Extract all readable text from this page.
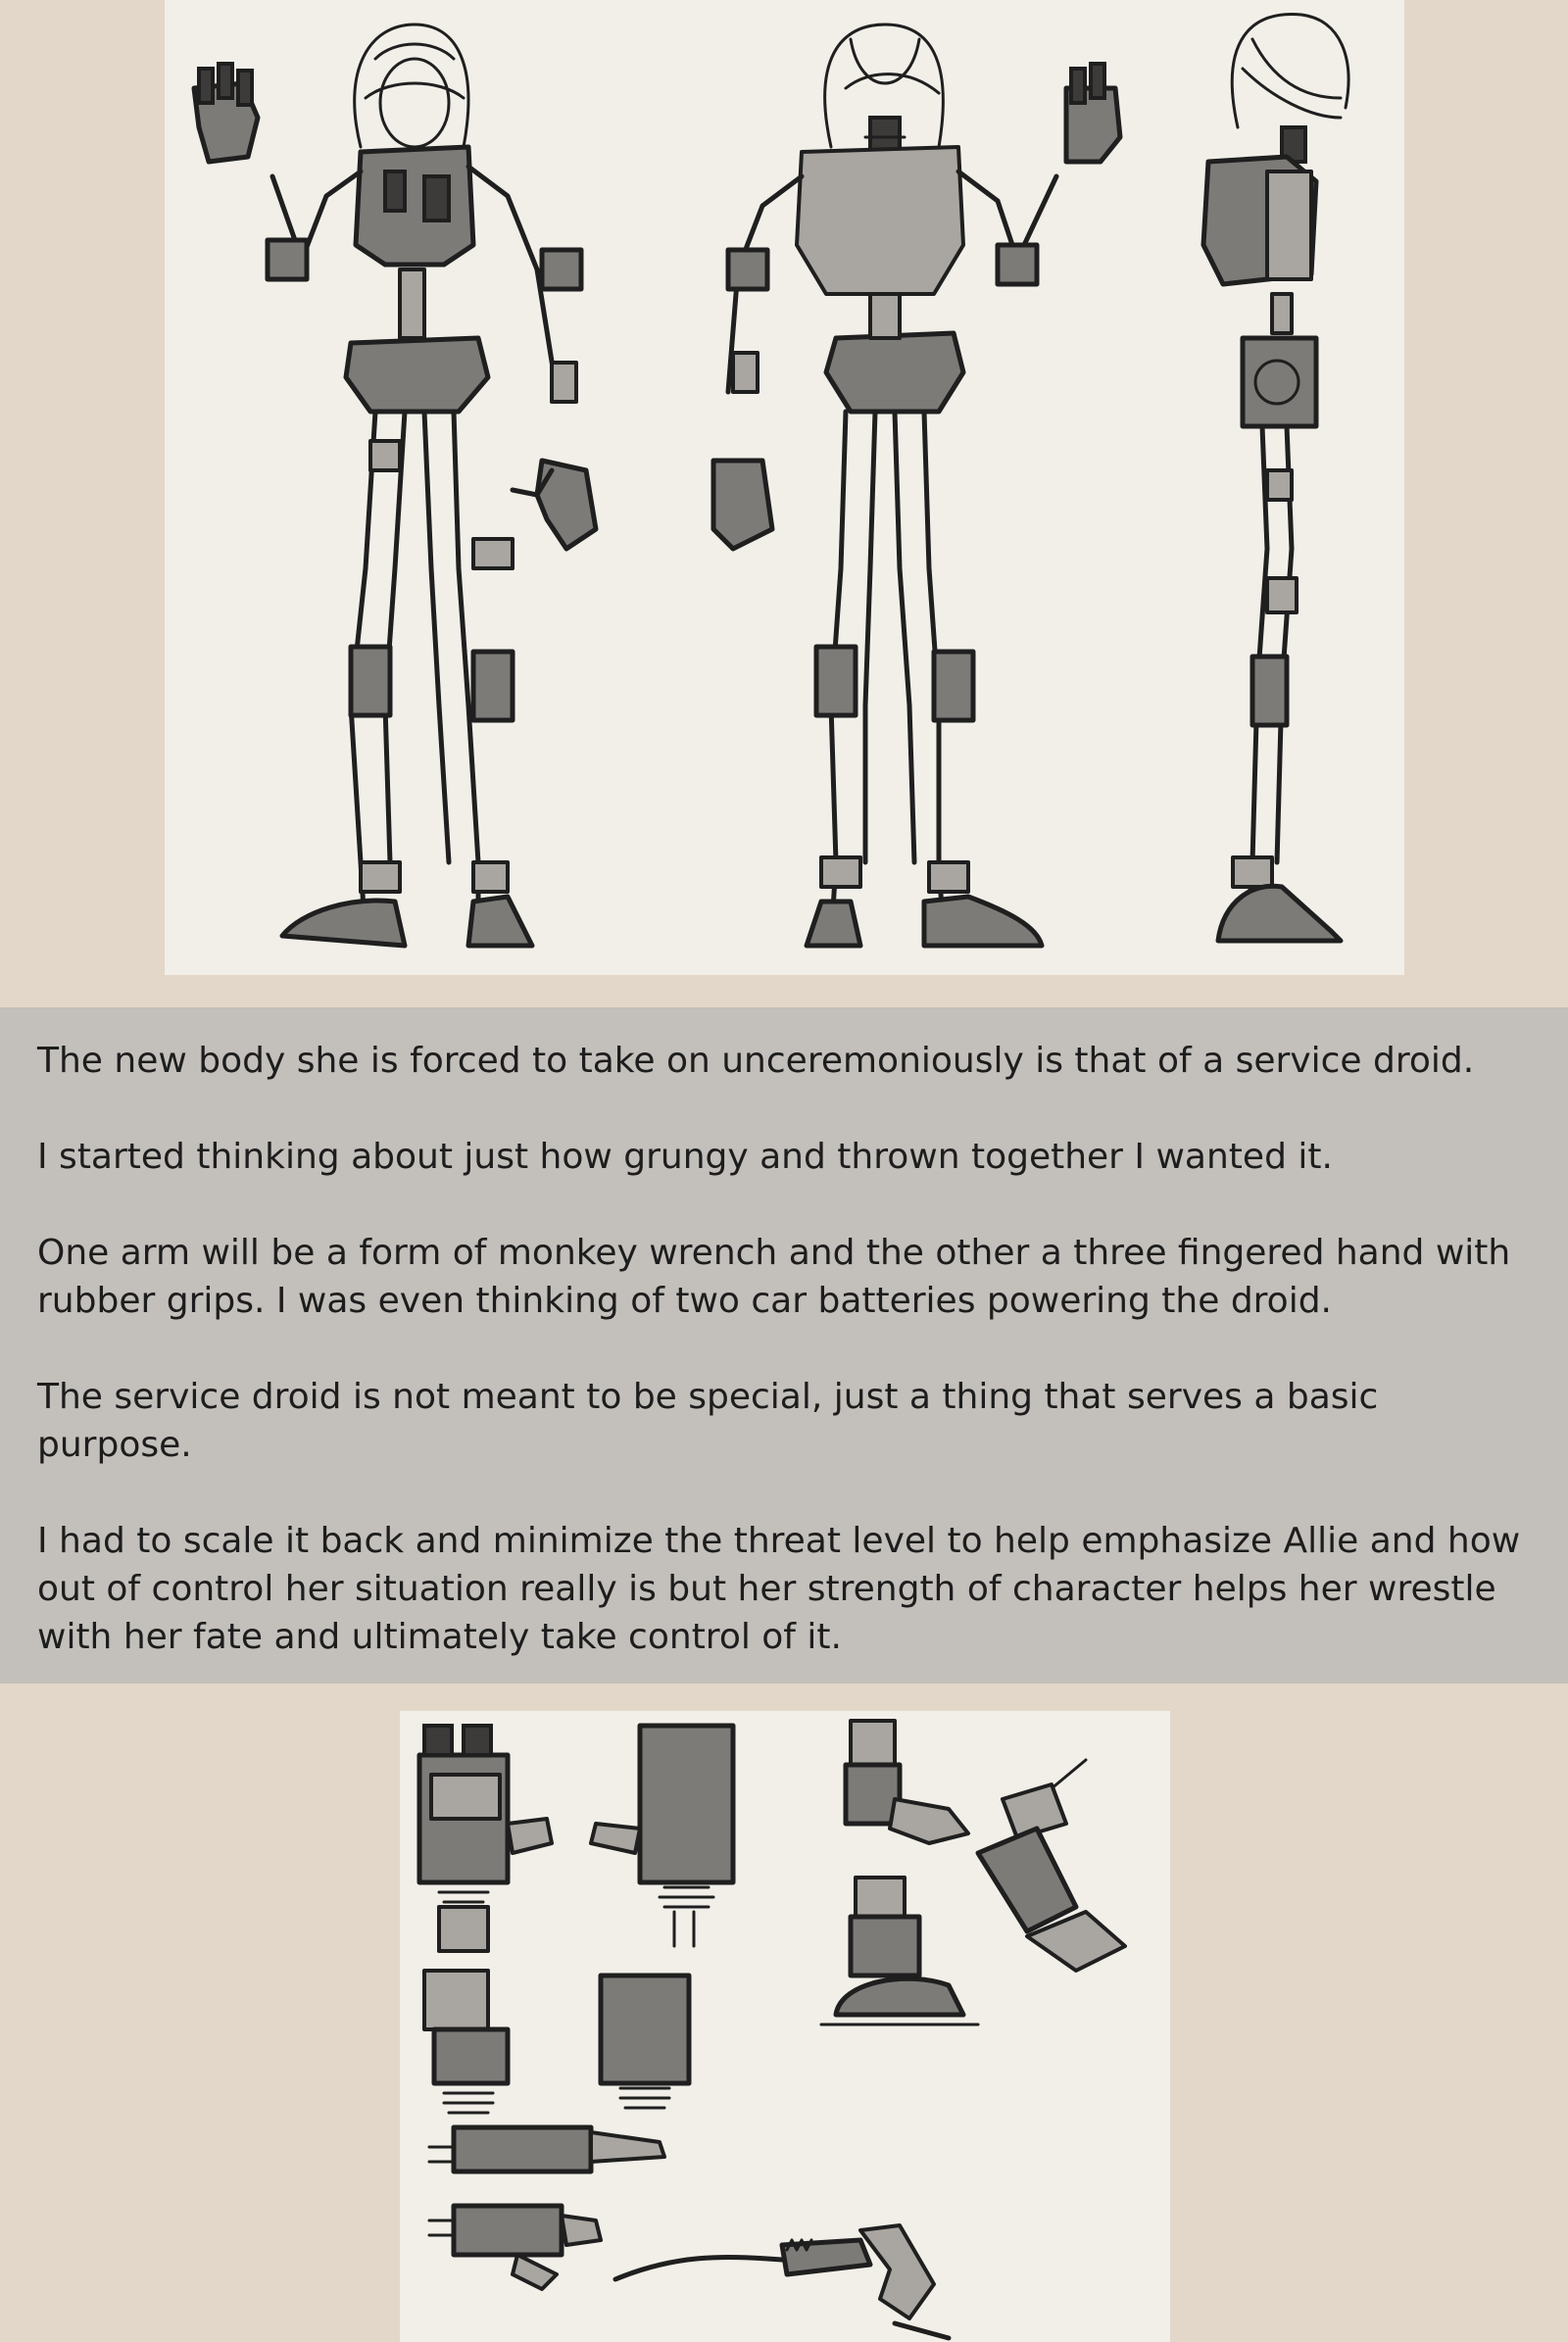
The new body she is forced to take on unceremoniously is that of a service droid.

I started thinking about just how grungy and thrown together I wanted it.

One arm will be a form of monkey wrench and the other a three fingered hand with rubber grips. I was even thinking of two car batteries powering the droid.

The service droid is not meant to be special, just a thing that serves a basic purpose.

I had to scale it back and minimize the threat level to help emphasize Allie and how out of control her situation really is but her strength of character helps her wrestle with her fate and ultimately take control of it.
